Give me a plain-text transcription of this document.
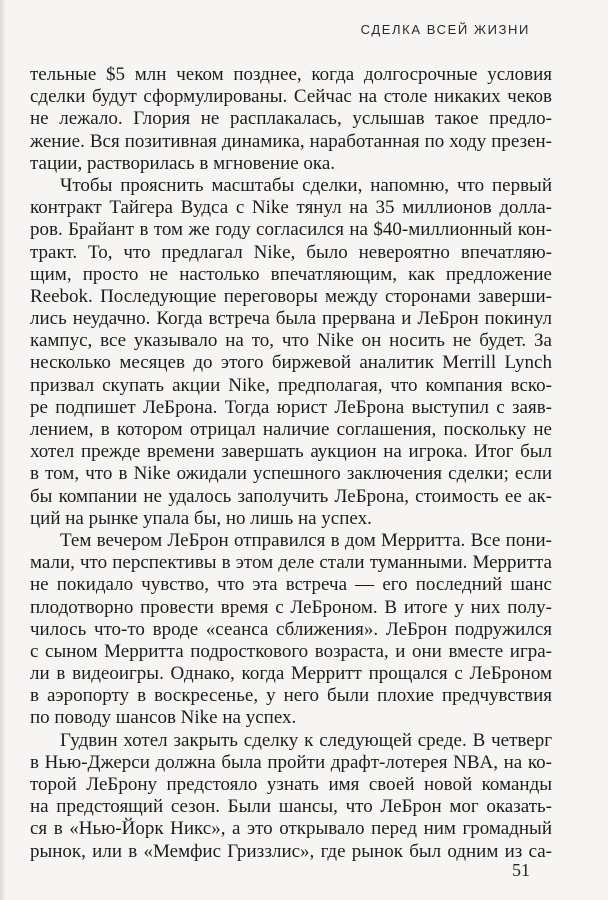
СДЕЛКА ВСЕЙ ЖИЗНИ
тельные $5 млн чеком позднее, когда долгосрочные условия
сделки будут сформулированы. Сейчас на столе никаких чеков
не лежало. Глория не расплакалась, услышав такое предло-
жение. Вся позитивная динамика, наработанная по ходу презен-
тации, растворилась в мгновение ока.
Чтобы прояснить масштабы сделки, напомню, что первый
контракт Тайгера Вудса с Nike тянул на 35 миллионов долла-
ров. Брайант в том же году согласился на $40-миллионный кон-
тракт. То, что предлагал Nike, было невероятно впечатляю-
щим, просто не настолько впечатляющим, как предложение
Reebok. Последующие переговоры между сторонами заверши-
лись неудачно. Когда встреча была прервана и ЛеБрон покинул
кампус, все указывало на то, что Nike он носить не будет. За
несколько месяцев до этого биржевой аналитик Merrill Lynch
призвал скупать акции Nike, предполагая, что компания вско-
ре подпишет ЛеБрона. Тогда юрист ЛеБрона выступил с заяв-
лением, в котором отрицал наличие соглашения, поскольку не
хотел прежде времени завершать аукцион на игрока. Итог был
в том, что в Nike ожидали успешного заключения сделки; если
бы компании не удалось заполучить ЛеБрона, стоимость ее ак-
ций на рынке упала бы, но лишь на успех.
Тем вечером ЛеБрон отправился в дом Мерритта. Все пони-
мали, что перспективы в этом деле стали туманными. Мерритта
не покидало чувство, что эта встреча — его последний шанс
плодотворно провести время с ЛеБроном. В итоге у них полу-
чилось что-то вроде «сеанса сближения». ЛеБрон подружился
с сыном Мерритта подросткового возраста, и они вместе игра-
ли в видеоигры. Однако, когда Мерритт прощался с ЛеБроном
в аэропорту в воскресенье, у него были плохие предчувствия
по поводу шансов Nike на успех.
Гудвин хотел закрыть сделку к следующей среде. В четверг
в Нью-Джерси должна была пройти драфт-лотерея NBA, на ко-
торой ЛеБрону предстояло узнать имя своей новой команды
на предстоящий сезон. Были шансы, что ЛеБрон мог оказать-
ся в «Нью-Йорк Никс», а это открывало перед ним громадный
рынок, или в «Мемфис Гриззлис», где рынок был одним из са-
51
